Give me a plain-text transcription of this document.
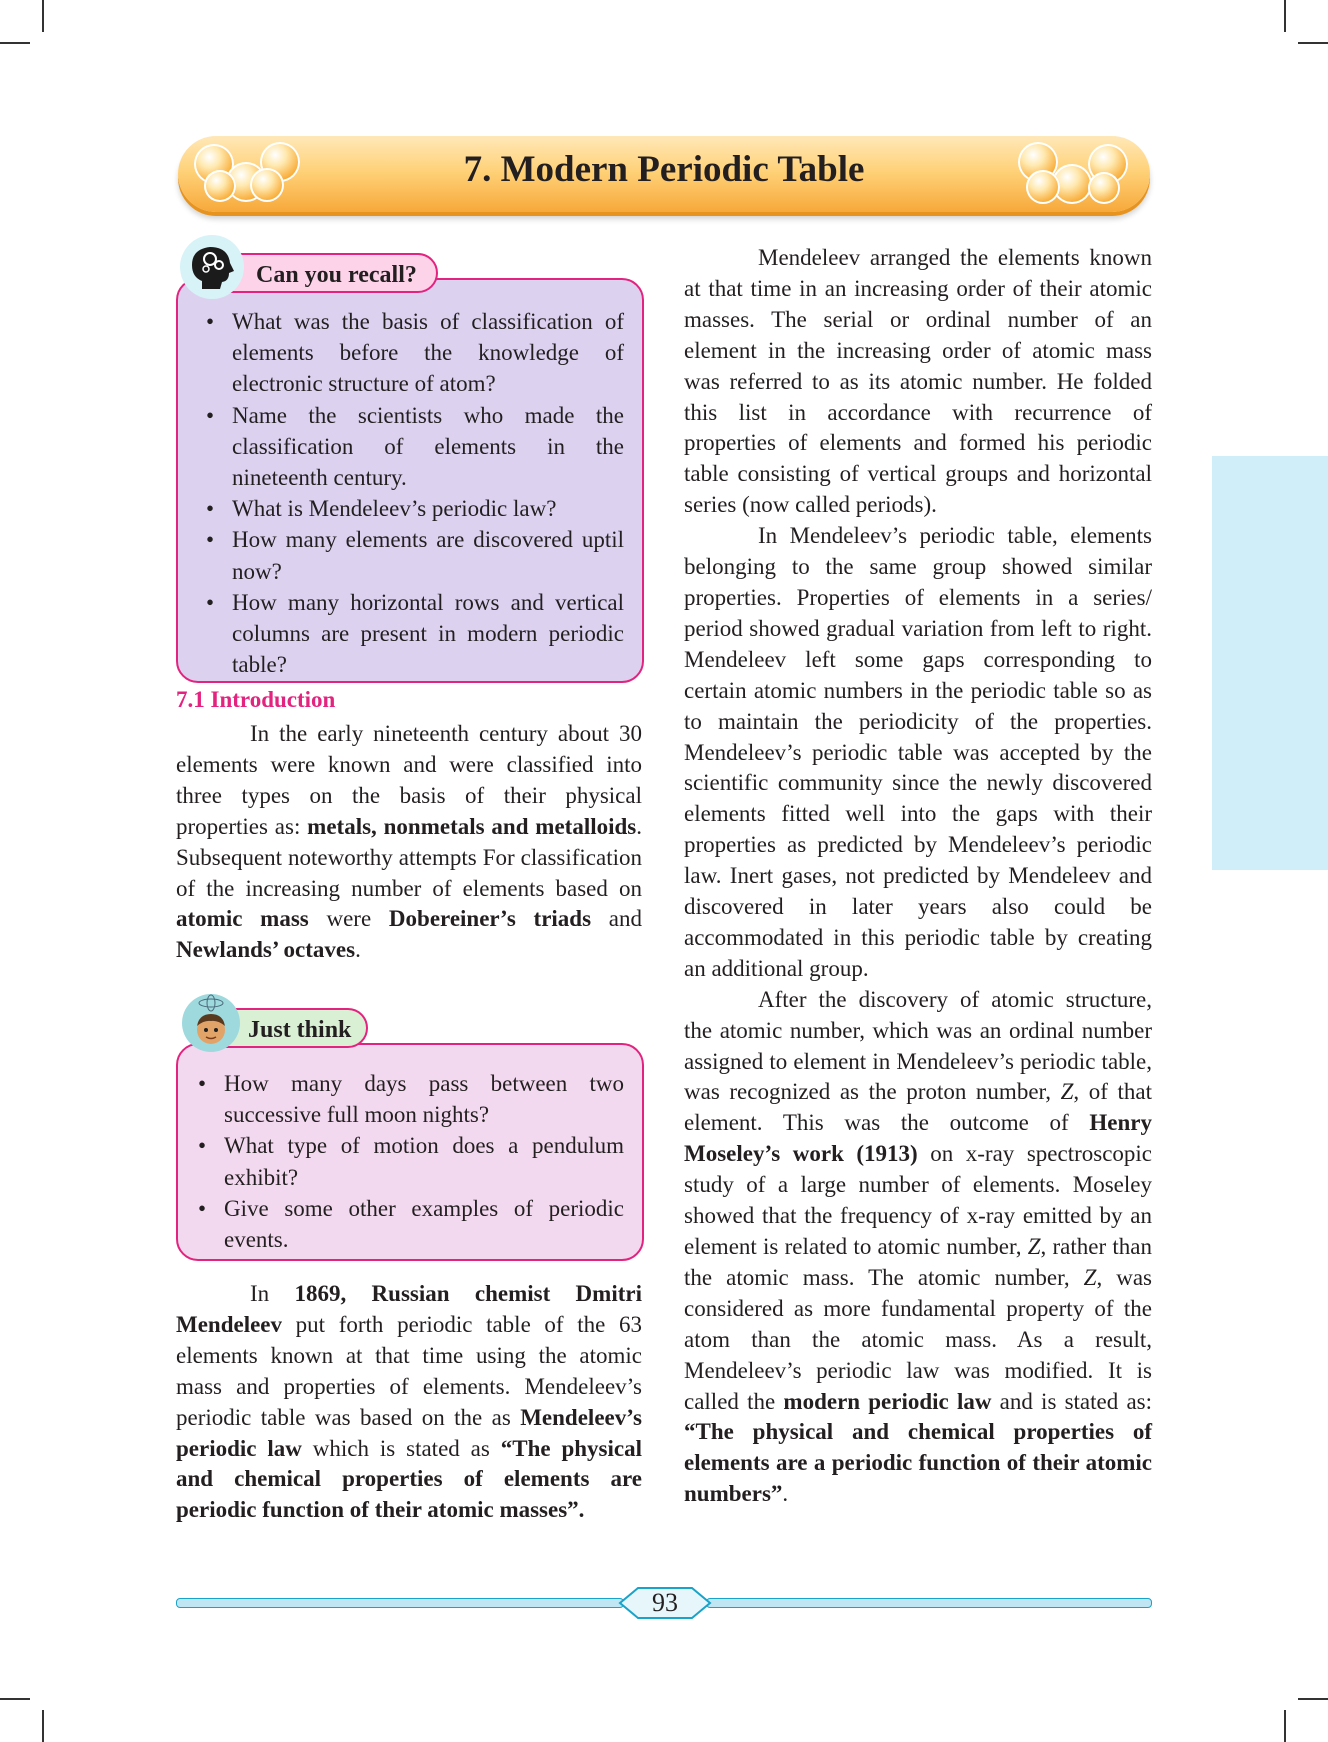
7. Modern Periodic Table
Can you recall?
• What was the basis of classification of elements before the knowledge of electronic structure of atom?
• Name the scientists who made the classification of elements in the nineteenth century.
• What is Mendeleev’s periodic law?
• How many elements are discovered uptil now?
• How many horizontal rows and vertical columns are present in modern periodic table?
7.1 Introduction

In the early nineteenth century about 30 elements were known and were classified into three types on the basis of their physical properties as: metals, nonmetals and metalloids. Subsequent noteworthy attempts For classification of the increasing number of elements based on atomic mass were Dobereiner’s triads and Newlands’ octaves.

Just think
• How many days pass between two successive full moon nights?
• What type of motion does a pendulum exhibit?
• Give some other examples of periodic events.

In 1869, Russian chemist Dmitri Mendeleev put forth periodic table of the 63 elements known at that time using the atomic mass and properties of elements. Mendeleev’s periodic table was based on the as Mendeleev’s periodic law which is stated as “The physical and chemical properties of elements are periodic function of their atomic masses”.

Mendeleev arranged the elements known at that time in an increasing order of their atomic masses. The serial or ordinal number of an element in the increasing order of atomic mass was referred to as its atomic number. He folded this list in accordance with recurrence of properties of elements and formed his periodic table consisting of vertical groups and horizontal series (now called periods).

In Mendeleev’s periodic table, elements belonging to the same group showed similar properties. Properties of elements in a series/ period showed gradual variation from left to right. Mendeleev left some gaps corresponding to certain atomic numbers in the periodic table so as to maintain the periodicity of the properties. Mendeleev’s periodic table was accepted by the scientific community since the newly discovered elements fitted well into the gaps with their properties as predicted by Mendeleev’s periodic law. Inert gases, not predicted by Mendeleev and discovered in later years also could be accommodated in this periodic table by creating an additional group.

After the discovery of atomic structure, the atomic number, which was an ordinal number assigned to element in Mendeleev’s periodic table, was recognized as the proton number, Z, of that element. This was the outcome of Henry Moseley’s work (1913) on x-ray spectroscopic study of a large number of elements. Moseley showed that the frequency of x-ray emitted by an element is related to atomic number, Z, rather than the atomic mass. The atomic number, Z, was considered as more fundamental property of the atom than the atomic mass. As a result, Mendeleev’s periodic law was modified. It is called the modern periodic law and is stated as: “The physical and chemical properties of elements are a periodic function of their atomic numbers”.

93
